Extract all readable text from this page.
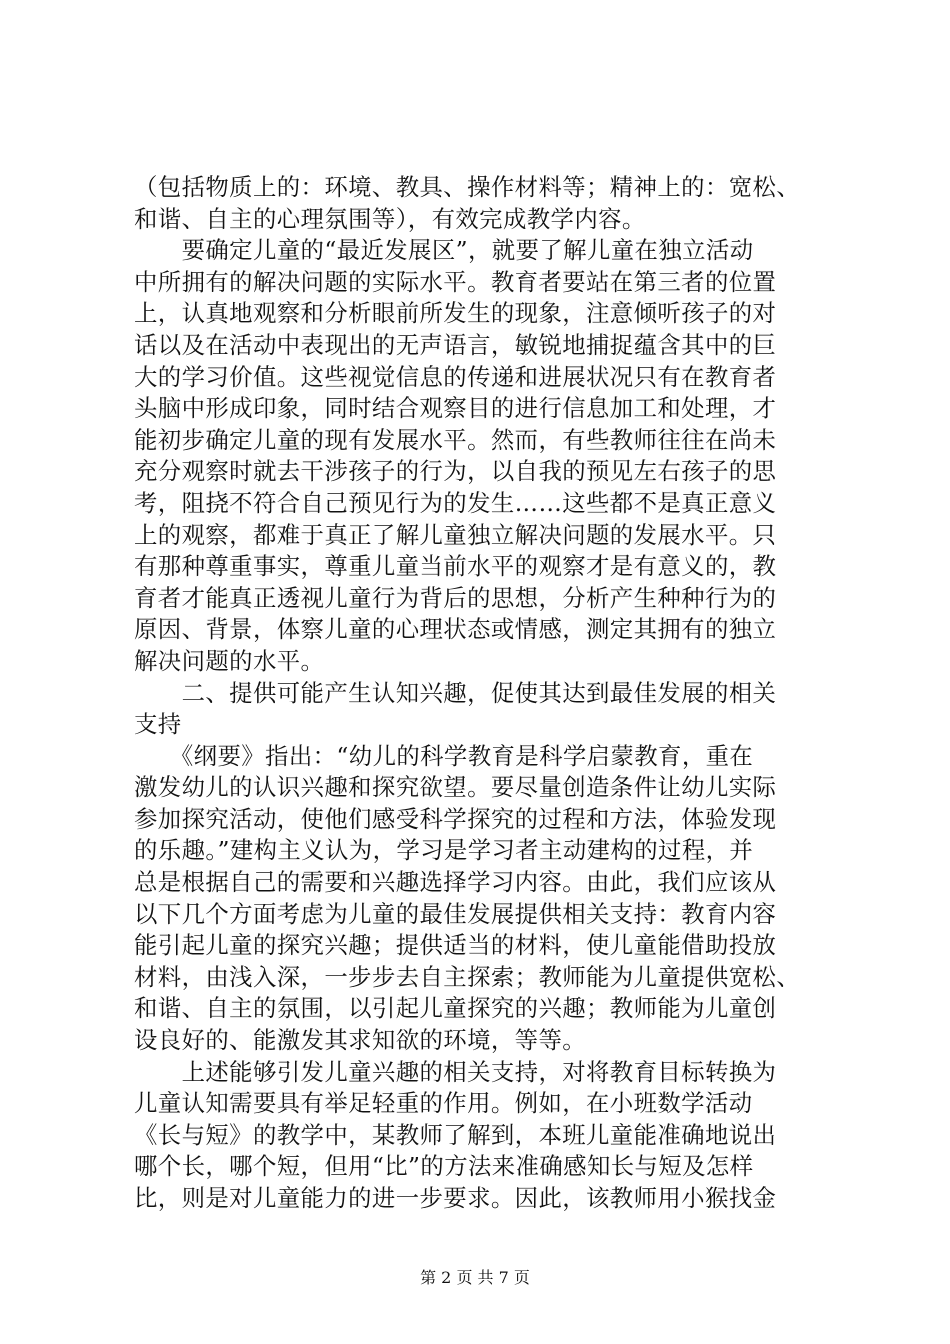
（包括物质上的：环境、教具、操作材料等；精神上的：宽松、
和谐、自主的心理氛围等），有效完成教学内容。
　　要确定儿童的“最近发展区”，就要了解儿童在独立活动
中所拥有的解决问题的实际水平。教育者要站在第三者的位置
上，认真地观察和分析眼前所发生的现象，注意倾听孩子的对
话以及在活动中表现出的无声语言，敏锐地捕捉蕴含其中的巨
大的学习价值。这些视觉信息的传递和进展状况只有在教育者
头脑中形成印象，同时结合观察目的进行信息加工和处理，才
能初步确定儿童的现有发展水平。然而，有些教师往往在尚未
充分观察时就去干涉孩子的行为，以自我的预见左右孩子的思
考，阻挠不符合自己预见行为的发生……这些都不是真正意义
上的观察，都难于真正了解儿童独立解决问题的发展水平。只
有那种尊重事实，尊重儿童当前水平的观察才是有意义的，教
育者才能真正透视儿童行为背后的思想，分析产生种种行为的
原因、背景，体察儿童的心理状态或情感，测定其拥有的独立
解决问题的水平。
　　二、提供可能产生认知兴趣，促使其达到最佳发展的相关
支持
　　《纲要》指出：“幼儿的科学教育是科学启蒙教育，重在
激发幼儿的认识兴趣和探究欲望。要尽量创造条件让幼儿实际
参加探究活动，使他们感受科学探究的过程和方法，体验发现
的乐趣。”建构主义认为，学习是学习者主动建构的过程，并
总是根据自己的需要和兴趣选择学习内容。由此，我们应该从
以下几个方面考虑为儿童的最佳发展提供相关支持：教育内容
能引起儿童的探究兴趣；提供适当的材料，使儿童能借助投放
材料，由浅入深，一步步去自主探索；教师能为儿童提供宽松、
和谐、自主的氛围，以引起儿童探究的兴趣；教师能为儿童创
设良好的、能激发其求知欲的环境，等等。
　　上述能够引发儿童兴趣的相关支持，对将教育目标转换为
儿童认知需要具有举足轻重的作用。例如，在小班数学活动
《长与短》的教学中，某教师了解到，本班儿童能准确地说出
哪个长，哪个短，但用“比”的方法来准确感知长与短及怎样
比，则是对儿童能力的进一步要求。因此，该教师用小猴找金
第 2 页 共 7 页
